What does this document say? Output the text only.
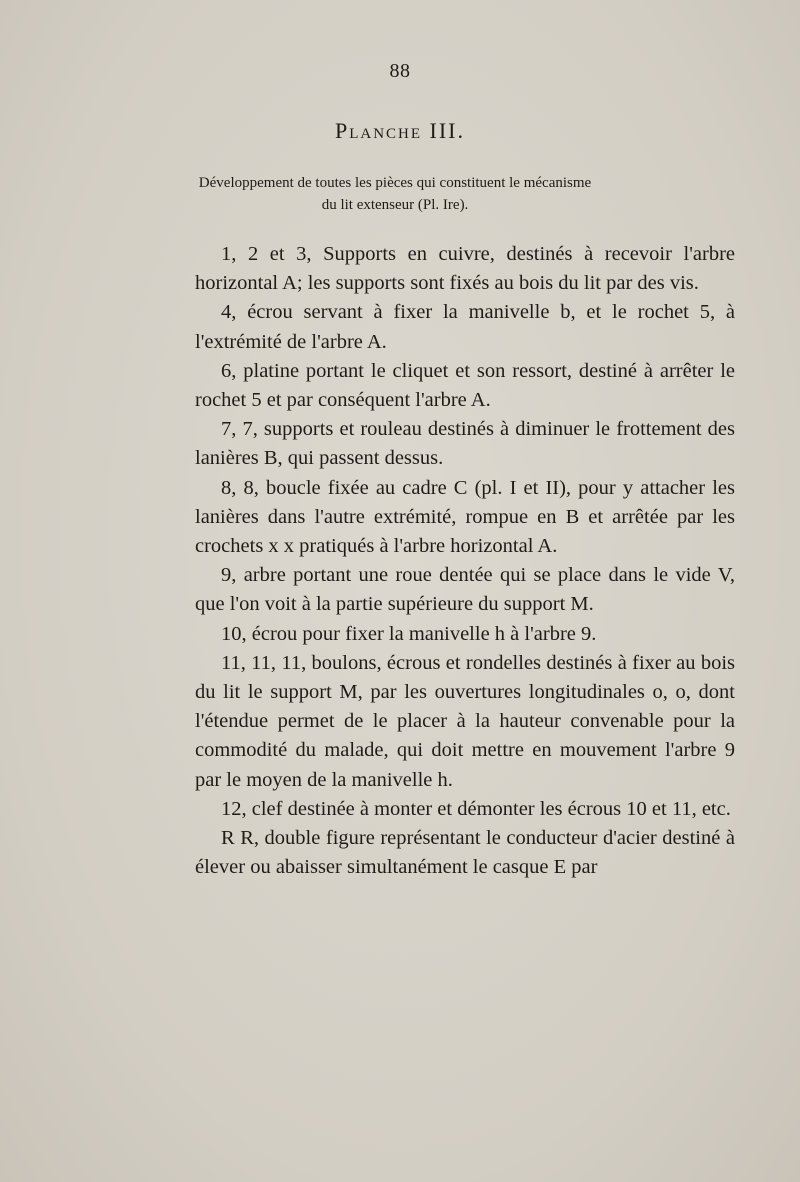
88
Planche III.
Développement de toutes les pièces qui constituent le mécanisme du lit extenseur (Pl. Ire).

1, 2 et 3, Supports en cuivre, destinés à recevoir l'arbre horizontal A; les supports sont fixés au bois du lit par des vis.

4, écrou servant à fixer la manivelle b, et le rochet 5, à l'extrémité de l'arbre A.

6, platine portant le cliquet et son ressort, destiné à arrêter le rochet 5 et par conséquent l'arbre A.

7, 7, supports et rouleau destinés à diminuer le frottement des lanières B, qui passent dessus.

8, 8, boucle fixée au cadre C (pl. I et II), pour y attacher les lanières dans l'autre extrémité, rompue en B et arrêtée par les crochets x x pratiqués à l'arbre horizontal A.

9, arbre portant une roue dentée qui se place dans le vide V, que l'on voit à la partie supérieure du support M.

10, écrou pour fixer la manivelle h à l'arbre 9.

11, 11, 11, boulons, écrous et rondelles destinés à fixer au bois du lit le support M, par les ouvertures longitudinales o, o, dont l'étendue permet de le placer à la hauteur convenable pour la commodité du malade, qui doit mettre en mouvement l'arbre 9 par le moyen de la manivelle h.

12, clef destinée à monter et démonter les écrous 10 et 11, etc.

R R, double figure représentant le conducteur d'acier destiné à élever ou abaisser simultanément le casque E par
